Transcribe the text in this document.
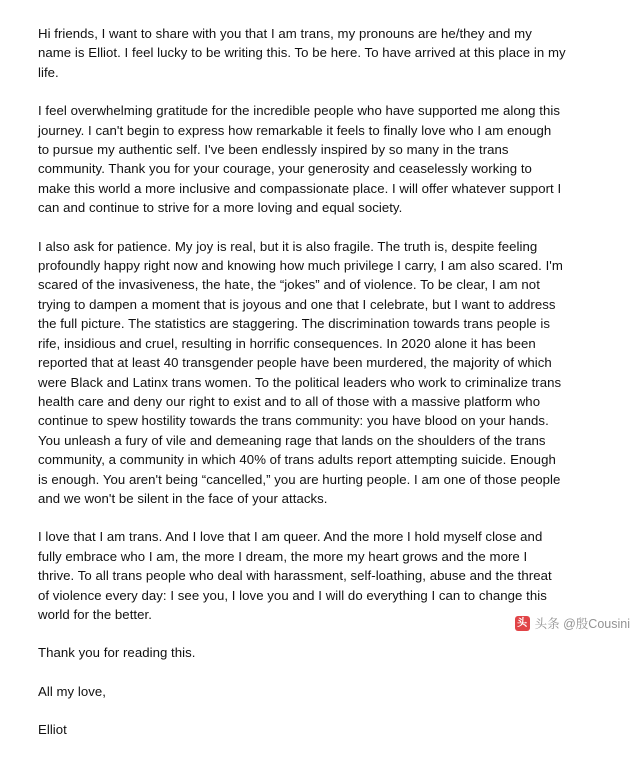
Hi friends, I want to share with you that I am trans, my pronouns are he/they and my name is Elliot. I feel lucky to be writing this. To be here. To have arrived at this place in my life.

I feel overwhelming gratitude for the incredible people who have supported me along this journey. I can't begin to express how remarkable it feels to finally love who I am enough to pursue my authentic self. I've been endlessly inspired by so many in the trans community. Thank you for your courage, your generosity and ceaselessly working to make this world a more inclusive and compassionate place. I will offer whatever support I can and continue to strive for a more loving and equal society.

I also ask for patience. My joy is real, but it is also fragile. The truth is, despite feeling profoundly happy right now and knowing how much privilege I carry, I am also scared. I'm scared of the invasiveness, the hate, the “jokes” and of violence. To be clear, I am not trying to dampen a moment that is joyous and one that I celebrate, but I want to address the full picture. The statistics are staggering. The discrimination towards trans people is rife, insidious and cruel, resulting in horrific consequences. In 2020 alone it has been reported that at least 40 transgender people have been murdered, the majority of which were Black and Latinx trans women. To the political leaders who work to criminalize trans health care and deny our right to exist and to all of those with a massive platform who continue to spew hostility towards the trans community: you have blood on your hands. You unleash a fury of vile and demeaning rage that lands on the shoulders of the trans community, a community in which 40% of trans adults report attempting suicide. Enough is enough. You aren't being “cancelled,” you are hurting people. I am one of those people and we won't be silent in the face of your attacks.

I love that I am trans. And I love that I am queer. And the more I hold myself close and fully embrace who I am, the more I dream, the more my heart grows and the more I thrive. To all trans people who deal with harassment, self-loathing, abuse and the threat of violence every day: I see you, I love you and I will do everything I can to change this world for the better.

Thank you for reading this.

All my love,

Elliot

头 头条 @殷Cousini
